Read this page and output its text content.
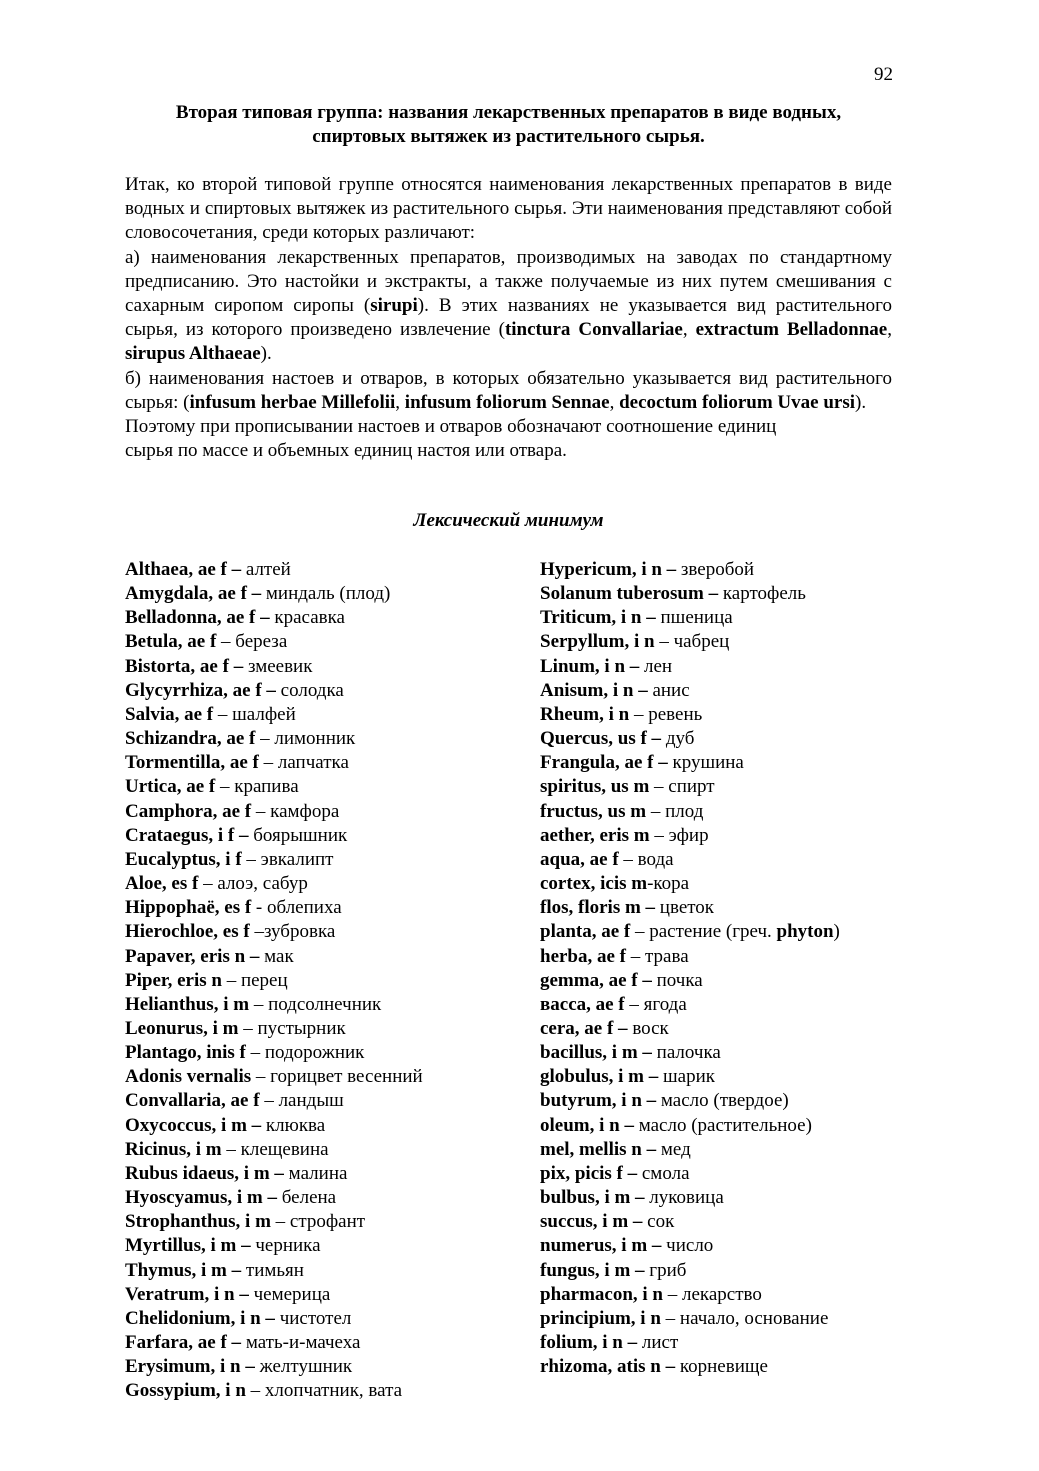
92
Вторая типовая группа: названия лекарственных препаратов в виде водных,
спиртовых вытяжек из растительного сырья.

Итак, ко второй типовой группе относятся наименования лекарственных препаратов в виде водных и спиртовых вытяжек из растительного сырья. Эти наименования представляют собой словосочетания, среди которых различают:

а) наименования лекарственных препаратов, производимых на заводах по стандартному предписанию. Это настойки и экстракты, а также получаемые из них путем смешивания с сахарным сиропом сиропы (sirupi). В этих названиях не указывается вид растительного сырья, из которого произведено извлечение (tinctura Convallariae, extractum Belladonnae, sirupus Althaeae).

б) наименования настоев и отваров, в которых обязательно указывается вид растительного сырья: (infusum herbae Millefolii, infusum foliorum Sennae, decoctum foliorum Uvae ursi).

Поэтому при прописывании настоев и отваров обозначают соотношение единиц

сырья по массе и объемных единиц настоя или отвара.

Лексический минимум
Althaea, ae f – алтей
Amygdala, ae f – миндаль (плод)
Belladonna, ae f – красавка
Betula, ae f – береза
Bistorta, ae f – змеевик
Glycyrrhiza, ae f – солодка
Salvia, ae f – шалфей
Schizandra, ae f – лимонник
Tormentilla, ae f – лапчатка
Urtica, ae f – крапива
Camphora, ae f – камфора
Crataegus, i f – боярышник
Eucalyptus, i f – эвкалипт
Aloe, es f – алоэ, сабур
Hippophaë, es f - облепиха
Hierochloe, es f –зубровка
Papaver, eris n – мак
Piper, eris n – перец
Helianthus, i m – подсолнечник
Leonurus, i m – пустырник
Plantago, inis f – подорожник
Adonis vernalis – горицвет весенний
Convallaria, ae f – ландыш
Oxycoccus, i m – клюква
Ricinus, i m – клещевина
Rubus idaeus, i m – малина
Hyoscyamus, i m – белена
Strophanthus, i m – строфант
Myrtillus, i m – черника
Thymus, i m – тимьян
Veratrum, i n – чемерица
Chelidonium, i n – чистотел
Farfara, ae f – мать-и-мачеха
Erysimum, i n – желтушник
Gossypium, i n – хлопчатник, вата
Hypericum, i n – зверобой
Solanum tuberosum – картофель
Triticum, i n – пшеница
Serpyllum, i n – чабрец
Linum, i n – лен
Anisum, i n – анис
Rheum, i n – ревень
Quercus, us f – дуб
Frangula, ae f – крушина
spiritus, us m – спирт
fructus, us m – плод
aether, eris m – эфир
aqua, ae f – вода
cortex, icis m-кора
flos, floris m – цветок
planta, ae f – растение (греч. phyton)
herba, ae f – трава
gemma, ae f – почка
вacca, ae f – ягода
cera, ae f – воск
bacillus, i m – палочка
globulus, i m – шарик
butyrum, i n – масло (твердое)
oleum, i n – масло (растительное)
mel, mellis n – мед
pix, picis f – смола
bulbus, i m – луковица
succus, i m – сок
numerus, i m – число
fungus, i m – гриб
pharmacon, i n – лекарство
principium, i n – начало, основание
folium, i n – лист
rhizoma, atis n – корневище
